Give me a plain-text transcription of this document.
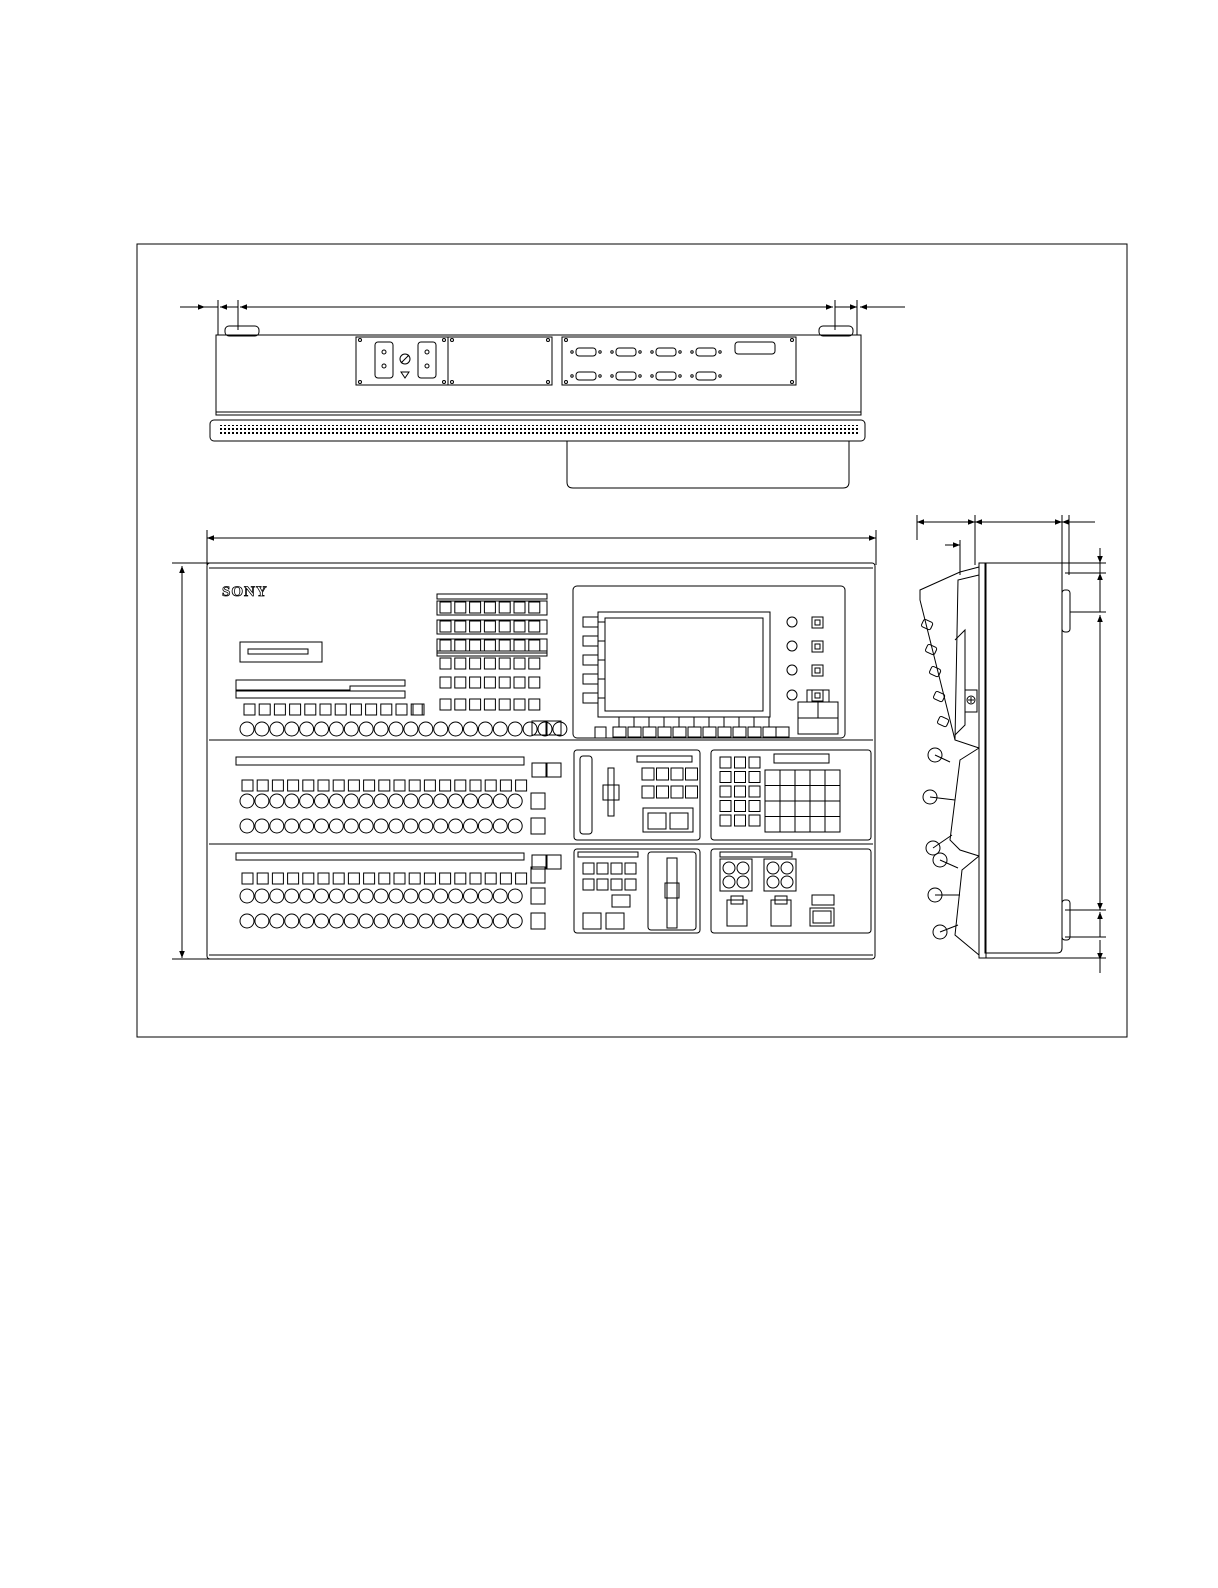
SONY
